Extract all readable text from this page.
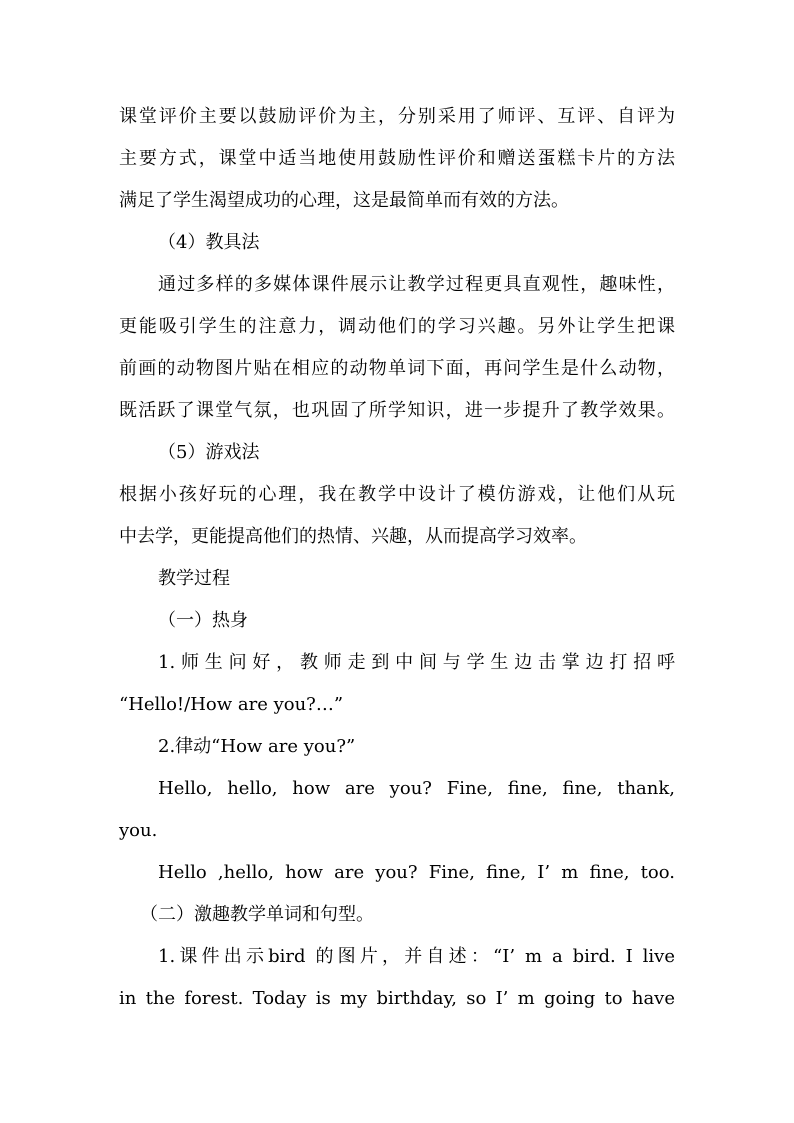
课堂评价主要以鼓励评价为主，分别采用了师评、互评、自评为
主要方式，课堂中适当地使用鼓励性评价和赠送蛋糕卡片的方法
满足了学生渴望成功的心理，这是最简单而有效的方法。
（4）教具法
通过多样的多媒体课件展示让教学过程更具直观性，趣味性，
更能吸引学生的注意力，调动他们的学习兴趣。另外让学生把课
前画的动物图片贴在相应的动物单词下面，再问学生是什么动物，
既活跃了课堂气氛，也巩固了所学知识，进一步提升了教学效果。
（5）游戏法
根据小孩好玩的心理，我在教学中设计了模仿游戏，让他们从玩
中去学，更能提高他们的热情、兴趣，从而提高学习效率。
教学过程
（一）热身
1.师生问好，教师走到中间与学生边击掌边打招呼
“Hello!/How are you?…”
2.律动“How are you?”
Hello, hello, how are you? Fine, fine, fine, thank,
you.
Hello ,hello, how are you? Fine, fine, I’ m fine, too.
（二）激趣教学单词和句型。
1.课件出示bird 的图片，并自述：“I’ m a bird. I live
in the forest. Today is my birthday, so I’ m going to have
